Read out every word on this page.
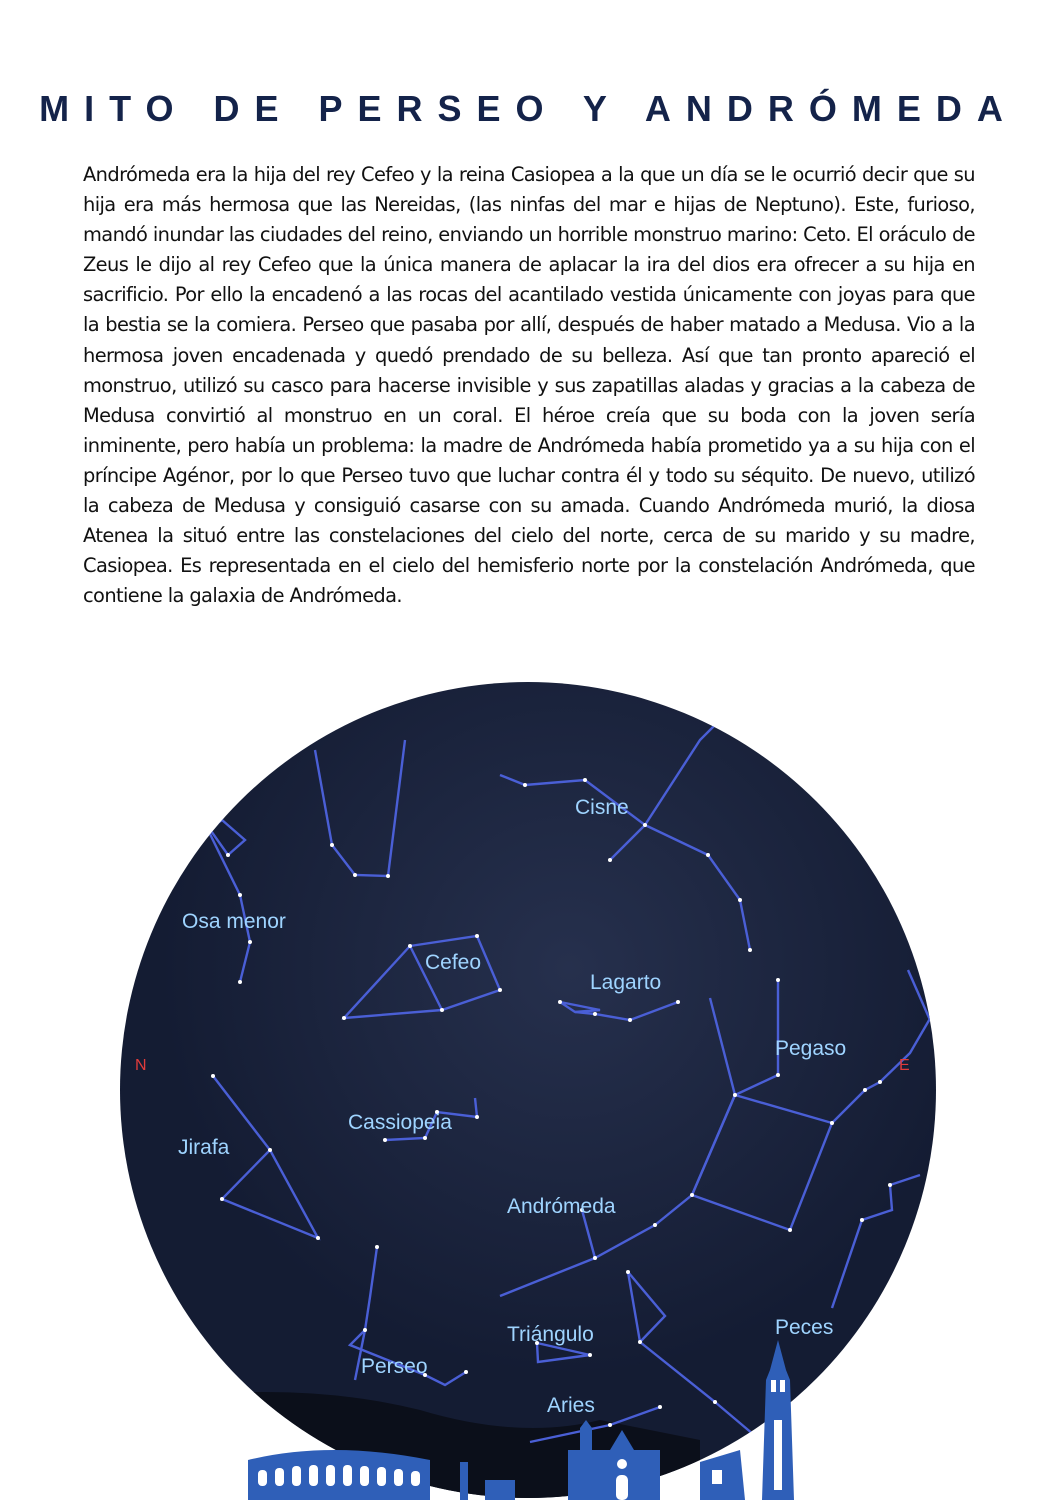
MITO DE PERSEO Y ANDRÓMEDA
Andrómeda era la hija del rey Cefeo y la reina Casiopea a la que un día se le ocurrió decir que su hija era más hermosa que las Nereidas, (las ninfas del mar e hijas de Neptuno). Este, furioso, mandó inundar las ciudades del reino, enviando un horrible monstruo marino: Ceto. El oráculo de Zeus le dijo al rey Cefeo que la única manera de aplacar la ira del dios era ofrecer a su hija en sacrificio. Por ello la encadenó a las rocas del acantilado vestida únicamente con joyas para que la bestia se la comiera. Perseo que pasaba por allí, después de haber matado a Medusa. Vio a la hermosa joven encadenada y quedó prendado de su belleza. Así que tan pronto apareció el monstruo, utilizó su casco para hacerse invisible y sus zapatillas aladas y gracias a la cabeza de Medusa convirtió al monstruo en un coral. El héroe creía que su boda con la joven sería inminente, pero había un problema: la madre de Andrómeda había prometido ya a su hija con el príncipe Agénor, por lo que Perseo tuvo que luchar contra él y todo su séquito. De nuevo, utilizó la cabeza de Medusa y consiguió casarse con su amada. Cuando Andrómeda murió, la diosa Atenea la situó entre las constelaciones del cielo del norte, cerca de su marido y su madre, Casiopea. Es representada en el cielo del hemisferio norte por la constelación Andrómeda, que contiene la galaxia de Andrómeda.
Cisne
Osa menor
Cefeo
Lagarto
Pegaso
Jirafa
Cassiopeia
Andrómeda
Triángulo	Peces
Perseo
Aries
N	E
